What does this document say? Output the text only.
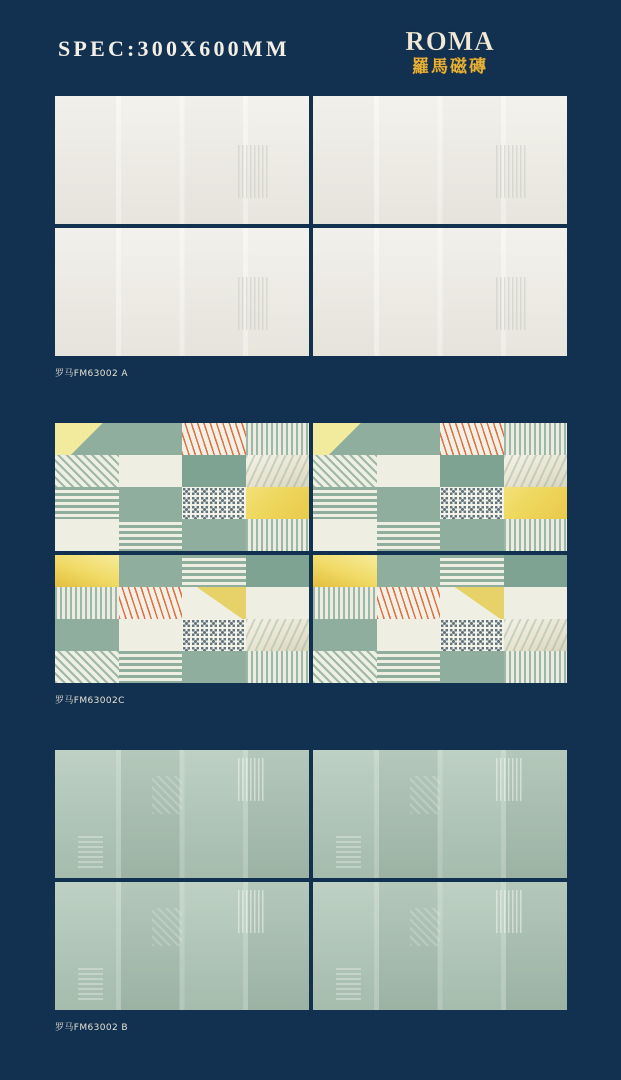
SPEC:300X600MM	ROMA
羅馬磁磚
罗马FM63002 A
罗马FM63002C
罗马FM63002 B
